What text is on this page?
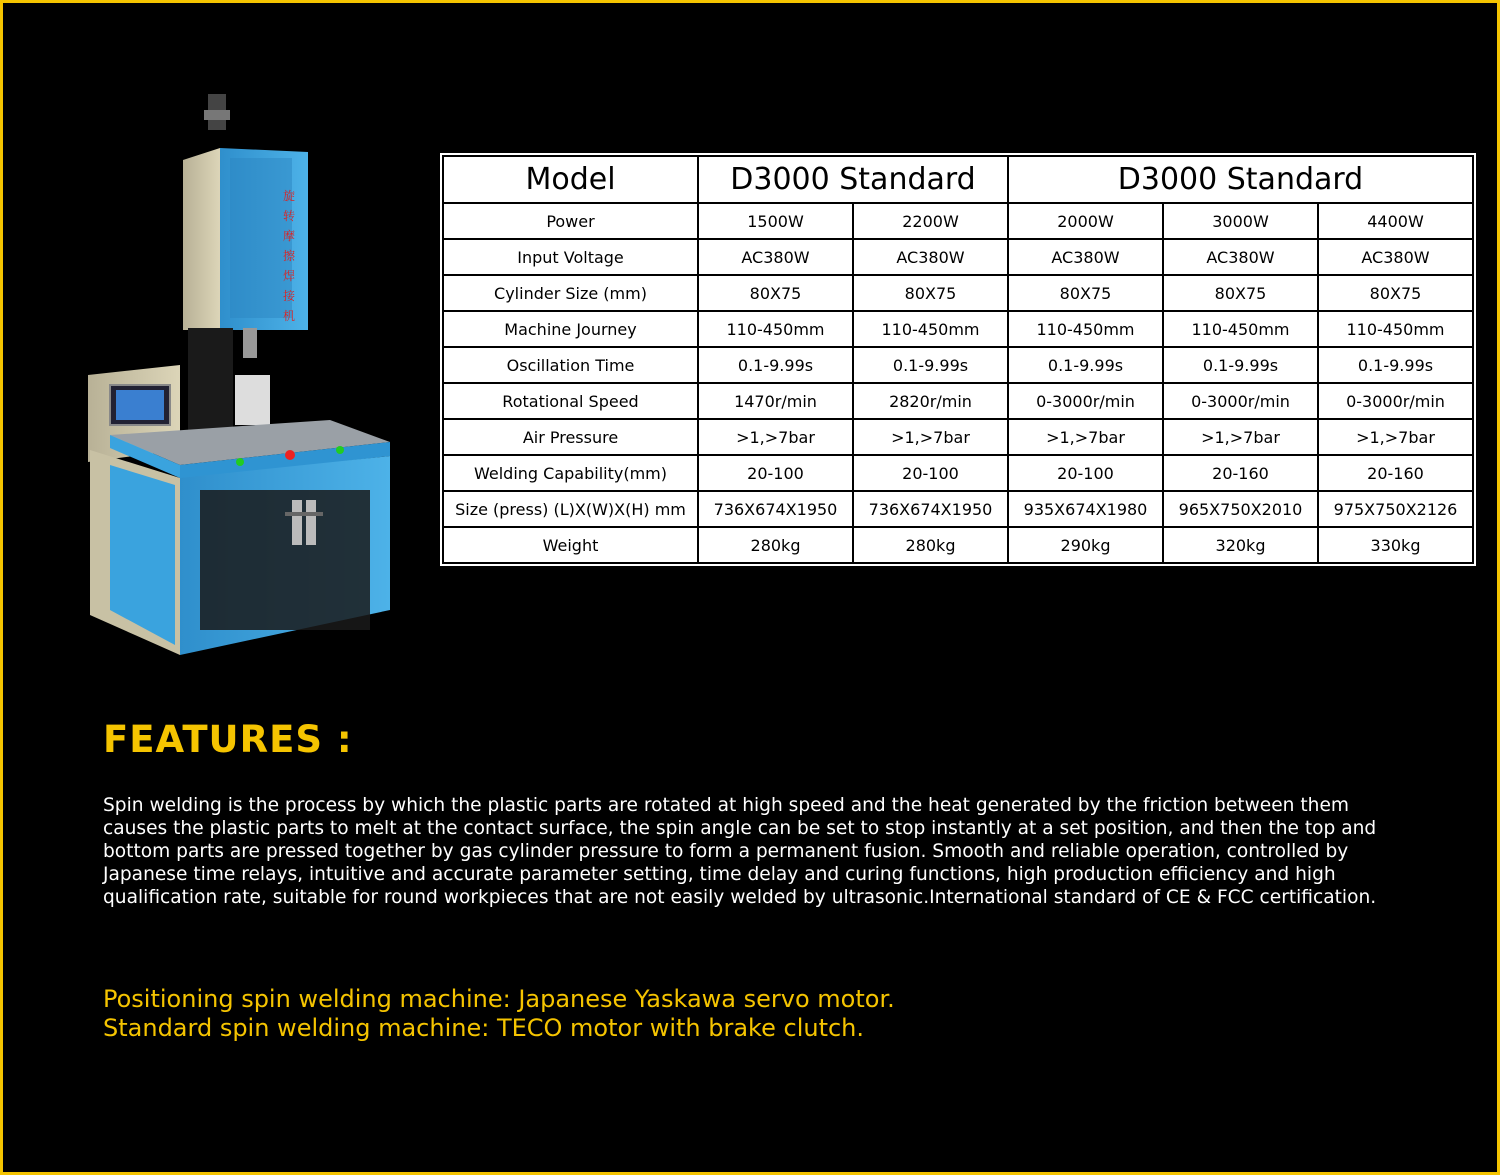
旋
转
摩
擦
焊
接
机
Model	D3000 Standard		D3000 Standard		
Power	1500W	2200W	2000W	3000W	4400W
Input Voltage	AC380W	AC380W	AC380W	AC380W	AC380W
Cylinder Size (mm)	80X75	80X75	80X75	80X75	80X75
Machine Journey	110-450mm	110-450mm	110-450mm	110-450mm	110-450mm
Oscillation Time	0.1-9.99s	0.1-9.99s	0.1-9.99s	0.1-9.99s	0.1-9.99s
Rotational Speed	1470r/min	2820r/min	0-3000r/min	0-3000r/min	0-3000r/min
Air Pressure	>1,>7bar	>1,>7bar	>1,>7bar	>1,>7bar	>1,>7bar
Welding Capability(mm)	20-100	20-100	20-100	20-160	20-160
Size (press) (L)X(W)X(H) mm	736X674X1950	736X674X1950	935X674X1980	965X750X2010	975X750X2126
Weight	280kg	280kg	290kg	320kg	330kg
FEATURES :

Spin welding is the process by which the plastic parts are rotated at high speed and the heat generated by the friction between them causes the plastic parts to melt at the contact surface, the spin angle can be set to stop instantly at a set position, and then the top and bottom parts are pressed together by gas cylinder pressure to form a permanent fusion. Smooth and reliable operation, controlled by Japanese time relays, intuitive and accurate parameter setting, time delay and curing functions, high production efficiency and high qualification rate, suitable for round workpieces that are not easily welded by ultrasonic.International standard of CE & FCC certification.

Positioning spin welding machine: Japanese Yaskawa servo motor.
Standard spin welding machine: TECO motor with brake clutch.
